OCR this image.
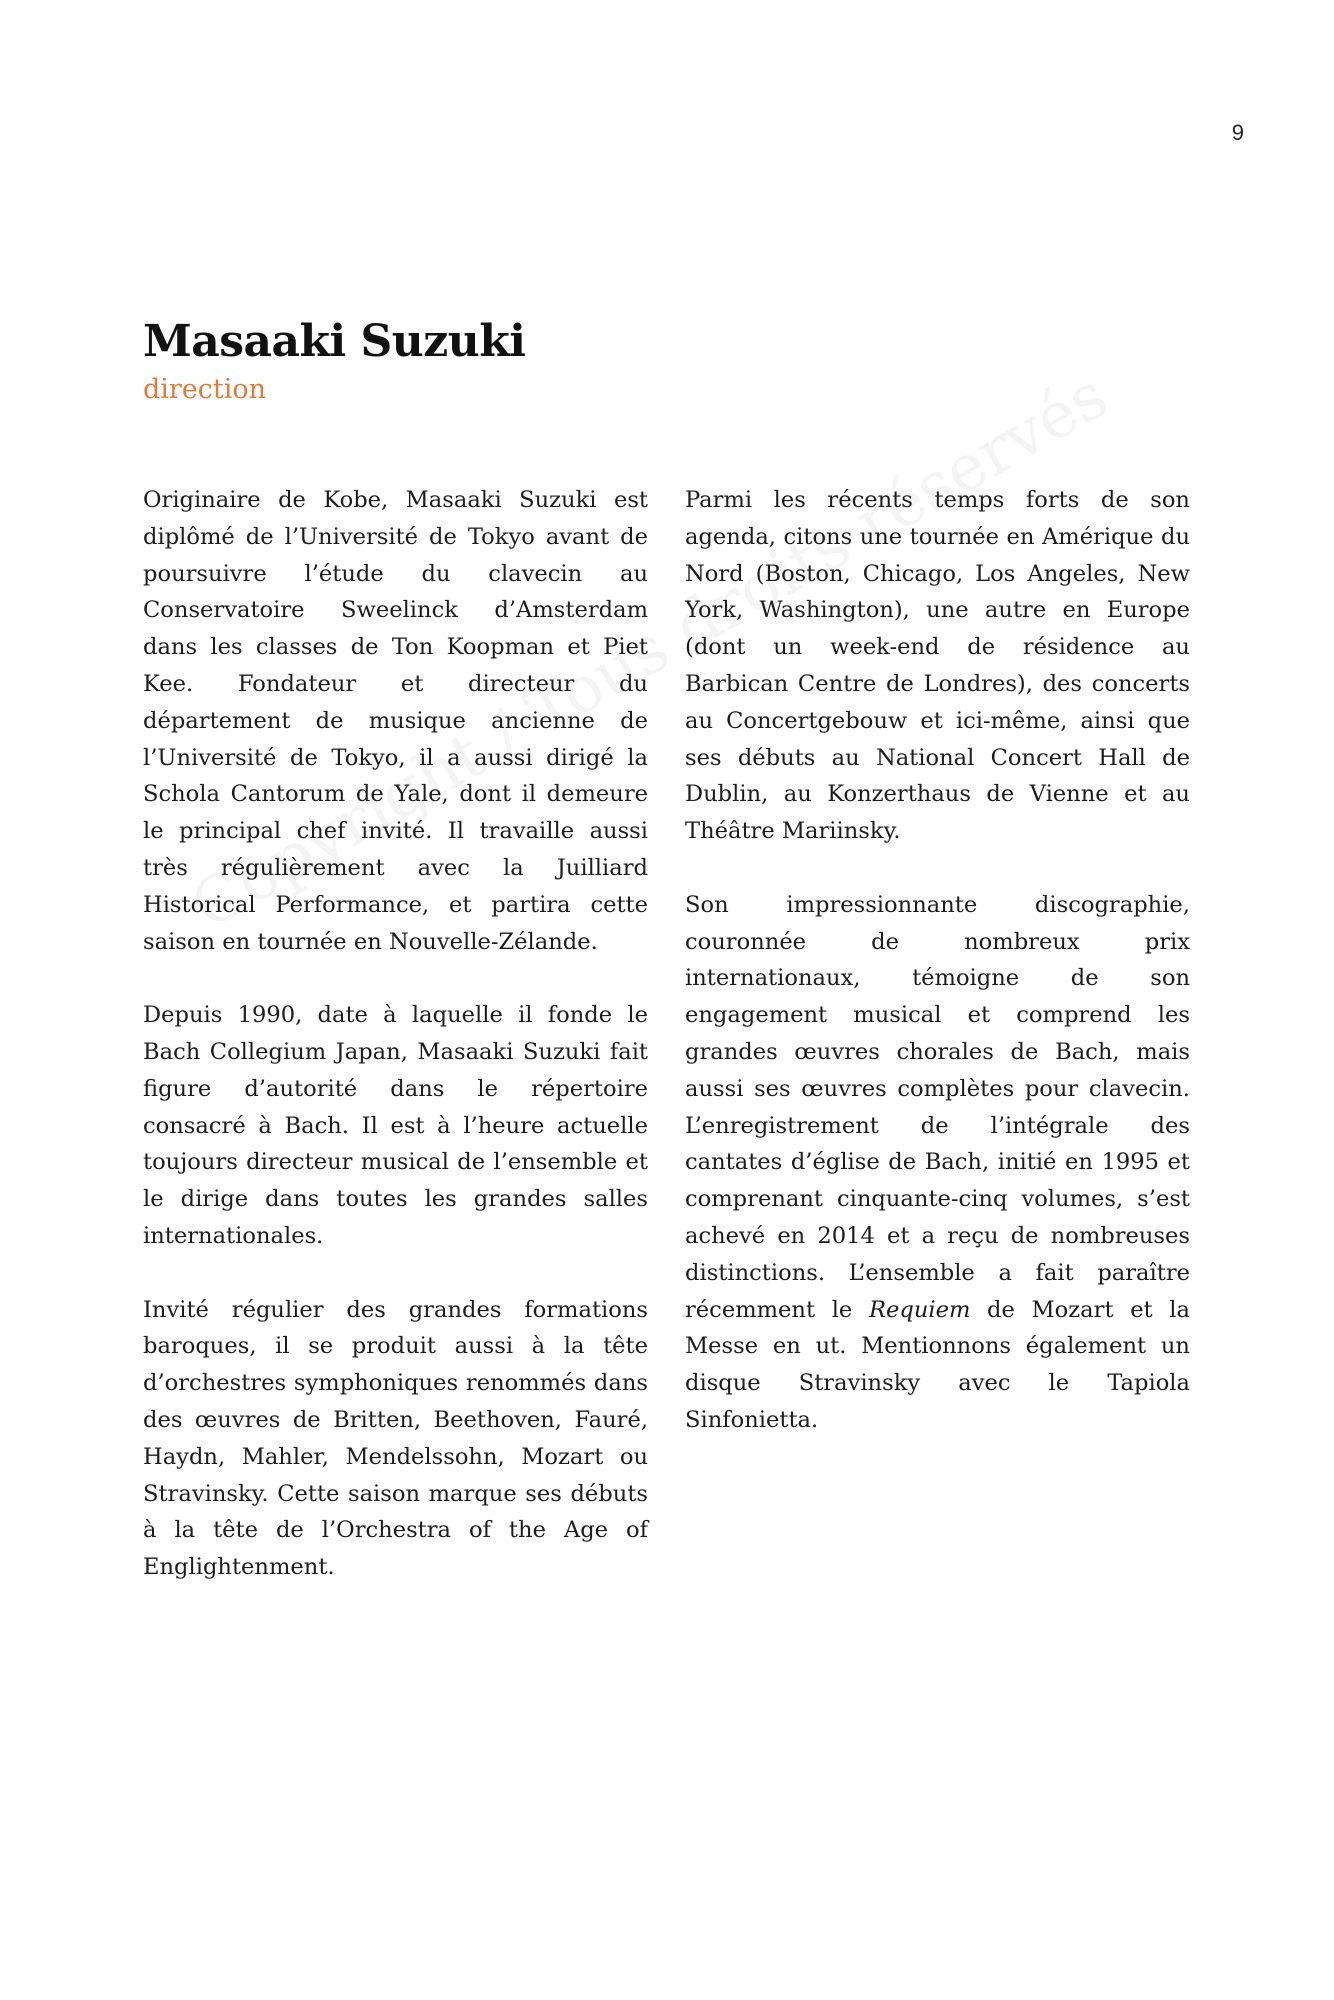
9
Masaaki Suzuki

direction

Originaire de Kobe, Masaaki Suzuki est diplômé de l’Université de Tokyo avant de poursuivre l’étude du clavecin au Conservatoire Sweelinck d’Amsterdam dans les classes de Ton Koopman et Piet Kee. Fondateur et directeur du département de musique ancienne de l’Université de Tokyo, il a aussi dirigé la Schola Cantorum de Yale, dont il demeure le principal chef invité. Il travaille aussi très régulièrement avec la Juilliard Historical Performance, et partira cette saison en tournée en Nouvelle-Zélande.

Depuis 1990, date à laquelle il fonde le Bach Collegium Japan, Masaaki Suzuki fait figure d’autorité dans le répertoire consacré à Bach. Il est à l’heure actuelle toujours directeur musical de l’ensemble et le dirige dans toutes les grandes salles internationales.

Invité régulier des grandes formations baroques, il se produit aussi à la tête d’orchestres symphoniques renommés dans des œuvres de Britten, Beethoven, Fauré, Haydn, Mahler, Mendelssohn, Mozart ou Stravinsky. Cette saison marque ses débuts à la tête de l’Orchestra of the Age of Englightenment.

Parmi les récents temps forts de son agenda, citons une tournée en Amérique du Nord (Boston, Chicago, Los Angeles, New York, Washington), une autre en Europe (dont un week-end de résidence au Barbican Centre de Londres), des concerts au Concertgebouw et ici-même, ainsi que ses débuts au National Concert Hall de Dublin, au Konzerthaus de Vienne et au Théâtre Mariinsky.

Son impressionnante discographie, couronnée de nombreux prix internationaux, témoigne de son engagement musical et comprend les grandes œuvres chorales de Bach, mais aussi ses œuvres complètes pour clavecin. L’enregistrement de l’intégrale des cantates d’église de Bach, initié en 1995 et comprenant cinquante-cinq volumes, s’est achevé en 2014 et a reçu de nombreuses distinctions. L’ensemble a fait paraître récemment le Requiem de Mozart et la Messe en ut. Mentionnons également un disque Stravinsky avec le Tapiola Sinfonietta.
